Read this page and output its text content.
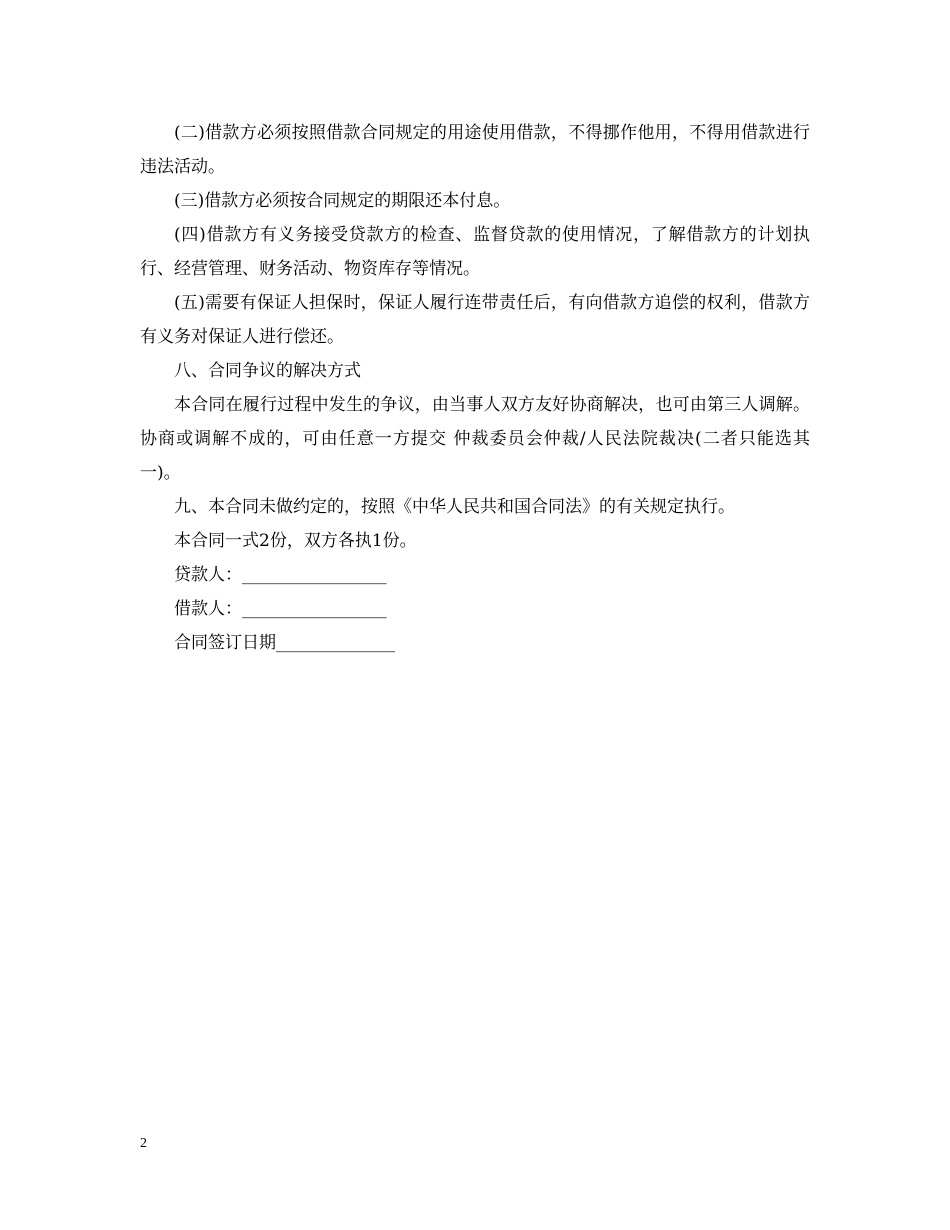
(二)借款方必须按照借款合同规定的用途使用借款，不得挪作他用，不得用借款进行违法活动。

(三)借款方必须按合同规定的期限还本付息。

(四)借款方有义务接受贷款方的检查、监督贷款的使用情况，了解借款方的计划执行、经营管理、财务活动、物资库存等情况。

(五)需要有保证人担保时，保证人履行连带责任后，有向借款方追偿的权利，借款方有义务对保证人进行偿还。

八、合同争议的解决方式

本合同在履行过程中发生的争议，由当事人双方友好协商解决，也可由第三人调解。协商或调解不成的，可由任意一方提交 仲裁委员会仲裁/人民法院裁决(二者只能选其一)。

九、本合同未做约定的，按照《中华人民共和国合同法》的有关规定执行。

本合同一式2份，双方各执1份。

贷款人：_________________

借款人：_________________

合同签订日期______________

2
